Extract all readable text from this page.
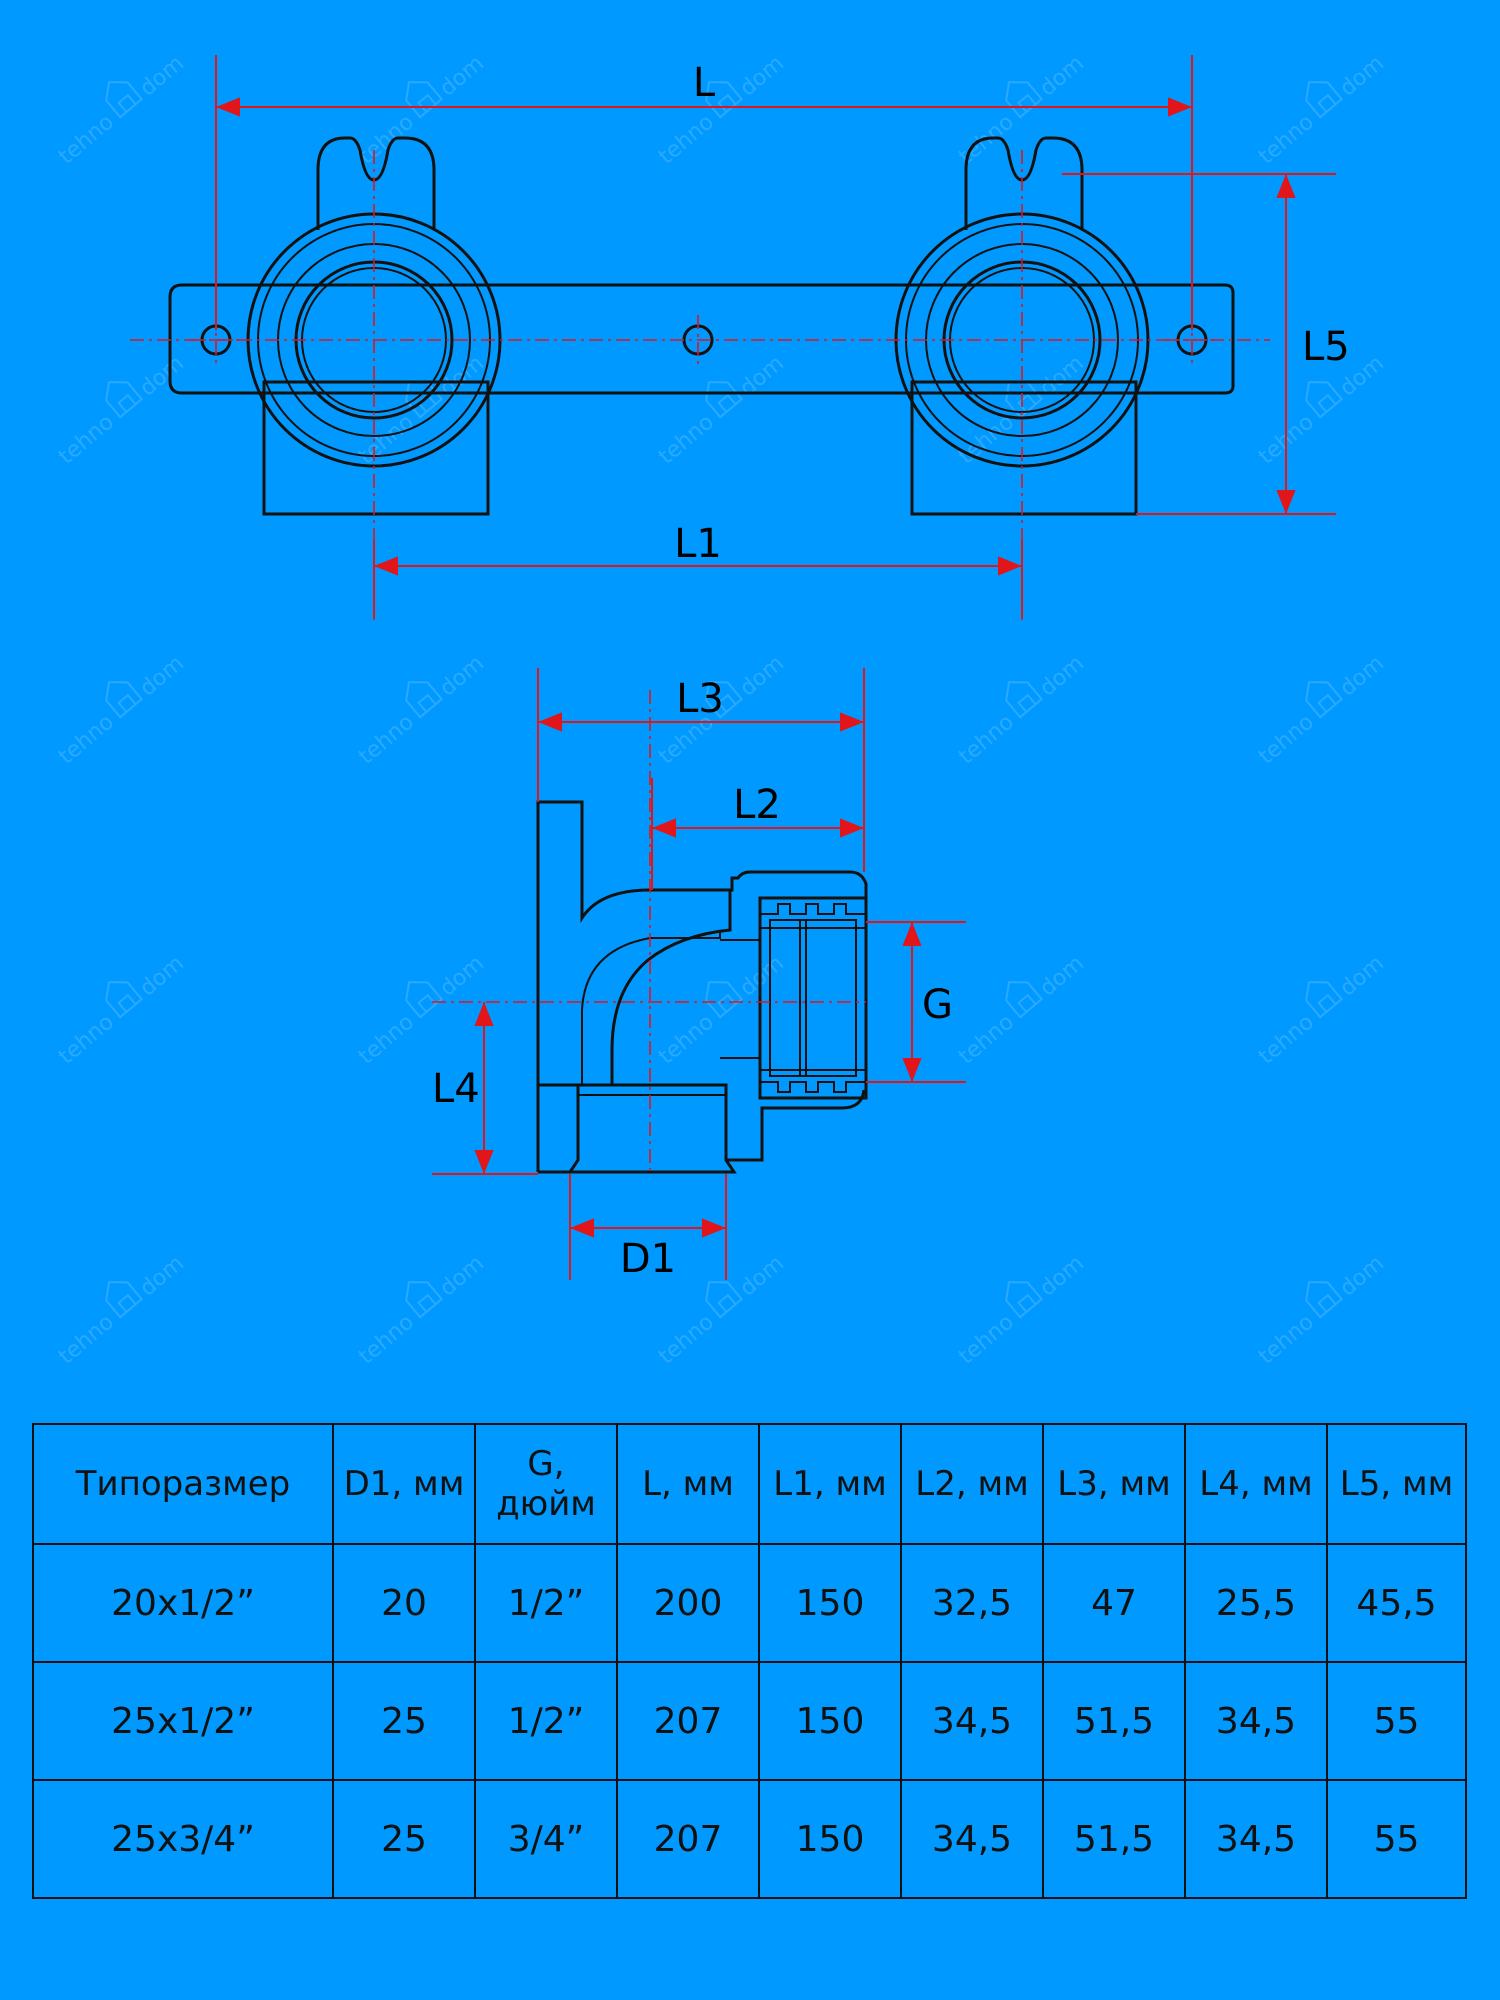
tehno
dom
tehno
dom
tehno
dom
tehno
dom
tehno
dom
tehno
dom
tehno
dom
tehno
dom
tehno
dom
tehno
dom
tehno
dom
tehno
dom
tehno
dom
tehno
dom
tehno
dom
tehno
dom
tehno
dom
tehno
dom
tehno
dom
tehno
dom
tehno
dom
tehno
dom
tehno
dom
tehno
dom
tehno
dom
L
L1
L5
L3
L2
G
L4
D1
Типоразмер	D1, мм	G, дюйм	L, мм	L1, мм	L2, мм	L3, мм	L4, мм	L5, мм
20х1/2”	20	1/2”	200	150	32,5	47	25,5	45,5
25х1/2”	25	1/2”	207	150	34,5	51,5	34,5	55
25х3/4”	25	3/4”	207	150	34,5	51,5	34,5	55
